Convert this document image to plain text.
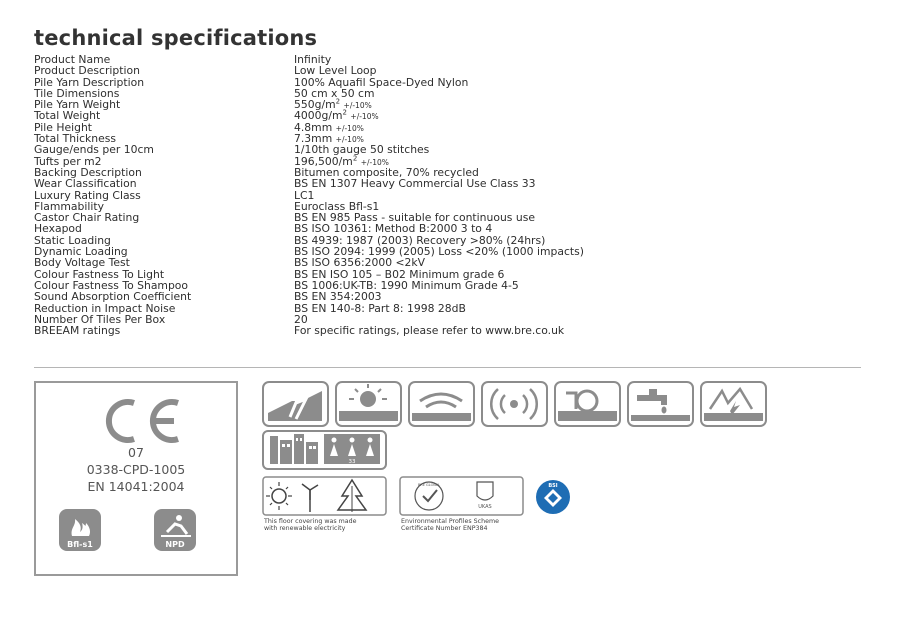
technical specifications
Product Name	Infinity
Product Description	Low Level Loop
Pile Yarn Description	100% Aquafil Space-Dyed Nylon
Tile Dimensions	50 cm x 50 cm
Pile Yarn Weight	$550g/m^2 +/-10\%$
Total Weight	$4000g/m^2 +/-10\%$
Pile Height	4.8mm +/-10%
Total Thickness	7.3mm +/-10%
Gauge/ends per 10cm	1/10th gauge 50 stitches
Tufts per m2	$196,500/m^2 +/-10\%$
Backing Description	Bitumen composite, 70% recycled
Wear Classification	BS EN 1307 Heavy Commercial Use Class 33
Luxury Rating Class	LC1
Flammability	Euroclass Bfl-s1
Castor Chair Rating	BS EN 985 Pass - suitable for continuous use
Hexapod	BS ISO 10361: Method B:2000 3 to 4
Static Loading	BS 4939: 1987 (2003) Recovery >80% (24hrs)
Dynamic Loading	BS ISO 2094: 1999 (2005) Loss <20% (1000 impacts)
Body Voltage Test	BS ISO 6356:2000 <2kV
Colour Fastness To Light	BS EN ISO 105 – B02 Minimum grade 6
Colour Fastness To Shampoo	BS 1006:UK-TB: 1990 Minimum Grade 4-5
Sound Absorption Coefficient	BS EN 354:2003
Reduction in Impact Noise	BS EN 140-8: Part 8: 1998 28dB
Number Of Tiles Per Box	20
BREEAM ratings	For specific ratings, please refer to www.bre.co.uk
07
0338-CPD-1005
EN 14041:2004
Bfl-s1	NPD
33
This floor covering was made
with renewable electricity
BRE GLOBAL
UKAS
Environmental Profiles Scheme
Certificate Number ENP384
BSI
